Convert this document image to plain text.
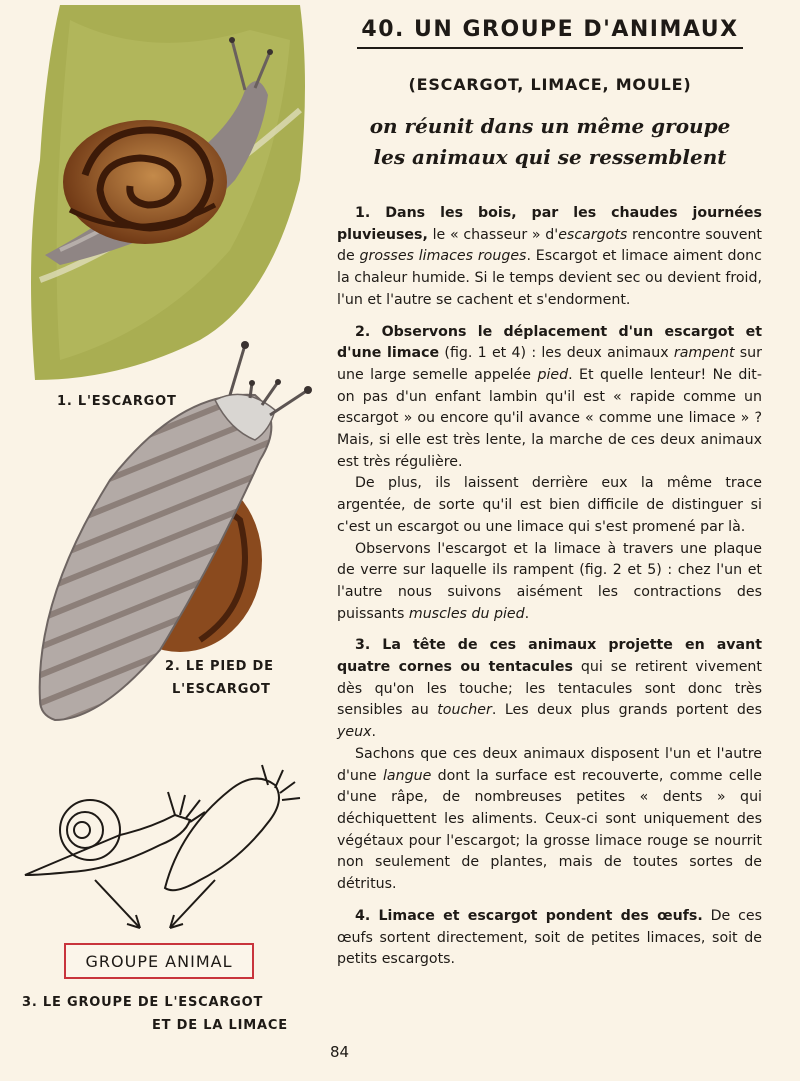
1. L'ESCARGOT
2. LE PIED DE
L'ESCARGOT
GROUPE ANIMAL
3. LE GROUPE DE L'ESCARGOT
ET DE LA LIMACE
40. UN GROUPE D'ANIMAUX
(ESCARGOT, LIMACE, MOULE)

on réunit dans un même groupe

les animaux qui se ressemblent

1. Dans les bois, par les chaudes journées pluvieuses, le « chasseur » d'escargots rencontre souvent de grosses limaces rouges. Escargot et limace aiment donc la chaleur humide. Si le temps devient sec ou devient froid, l'un et l'autre se cachent et s'endorment.

2. Observons le déplacement d'un escargot et d'une limace (fig. 1 et 4) : les deux animaux rampent sur une large semelle appelée pied. Et quelle lenteur! Ne dit-on pas d'un enfant lambin qu'il est « rapide comme un escargot » ou encore qu'il avance « comme une limace » ? Mais, si elle est très lente, la marche de ces deux animaux est très régulière.

De plus, ils laissent derrière eux la même trace argentée, de sorte qu'il est bien difficile de distinguer si c'est un escargot ou une limace qui s'est promené par là.

Observons l'escargot et la limace à travers une plaque de verre sur laquelle ils rampent (fig. 2 et 5) : chez l'un et l'autre nous suivons aisément les contractions des puissants muscles du pied.

3. La tête de ces animaux projette en avant quatre cornes ou tentacules qui se retirent vivement dès qu'on les touche; les tentacules sont donc très sensibles au toucher. Les deux plus grands portent des yeux.

Sachons que ces deux animaux disposent l'un et l'autre d'une langue dont la surface est recouverte, comme celle d'une râpe, de nombreuses petites « dents » qui déchiquettent les aliments. Ceux-ci sont uniquement des végétaux pour l'escargot; la grosse limace rouge se nourrit non seulement de plantes, mais de toutes sortes de détritus.

4. Limace et escargot pondent des œufs. De ces œufs sortent directement, soit de petites limaces, soit de petits escargots.

84
